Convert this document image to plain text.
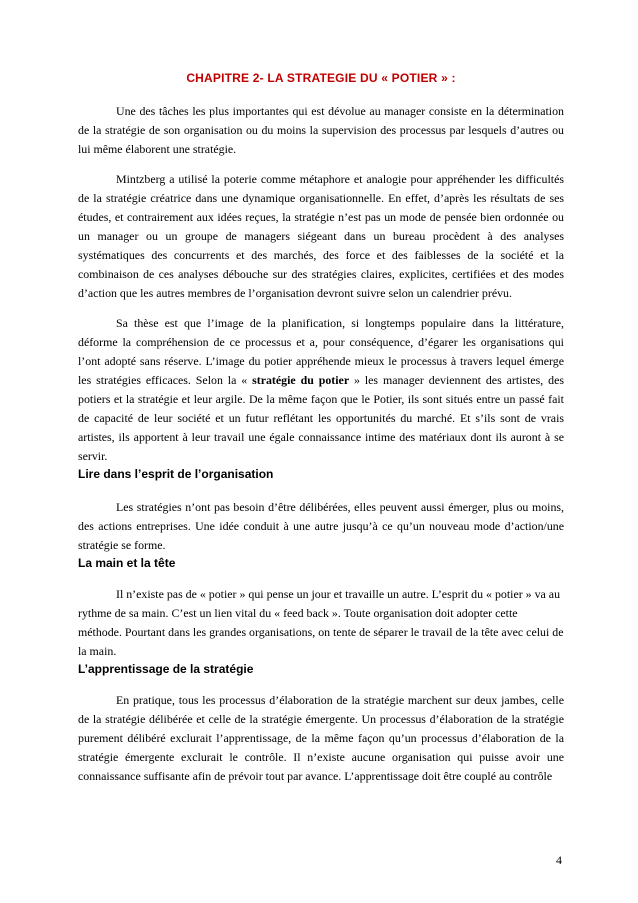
CHAPITRE 2- LA STRATEGIE DU « POTIER » :

Une des tâches les plus importantes qui est dévolue au manager consiste en la détermination de la stratégie de son organisation ou du moins la supervision des processus par lesquels d’autres ou lui même élaborent une stratégie.

Mintzberg a utilisé la poterie comme métaphore et analogie pour appréhender les difficultés de la stratégie créatrice dans une dynamique organisationnelle. En effet, d’après les résultats de ses études, et contrairement aux idées reçues, la stratégie n’est pas un mode de pensée bien ordonnée ou un manager ou un groupe de managers siégeant dans un bureau procèdent à des analyses systématiques des concurrents et des marchés, des force et des faiblesses de la société et la combinaison de ces analyses débouche sur des stratégies claires, explicites, certifiées et des modes d’action que les autres membres de l’organisation devront suivre selon un calendrier prévu.

Sa thèse est que l’image de la planification, si longtemps populaire dans la littérature, déforme la compréhension de ce processus et a, pour conséquence, d’égarer les organisations qui l’ont adopté sans réserve. L’image du potier appréhende mieux le processus à travers lequel émerge les stratégies efficaces. Selon la « stratégie du potier » les manager deviennent des artistes, des potiers et la stratégie et leur argile. De la même façon que le Potier, ils sont situés entre un passé fait de capacité de leur société et un futur reflétant les opportunités du marché. Et s’ils sont de vrais artistes, ils apportent à leur travail une égale connaissance intime des matériaux dont ils auront à se servir.

Lire dans l’esprit de l’organisation

Les stratégies n’ont pas besoin d’être délibérées, elles peuvent aussi émerger, plus ou moins, des actions entreprises. Une idée conduit à une autre jusqu’à ce qu’un nouveau mode d’action/une stratégie se forme.

La main et la tête

Il n’existe pas de « potier » qui pense un jour et travaille un autre. L’esprit du « potier » va au rythme de sa main. C’est un lien vital du « feed back ». Toute organisation doit adopter cette méthode. Pourtant dans les grandes organisations, on tente de séparer le travail de la tête avec celui de la main.

L’apprentissage de la stratégie

En pratique, tous les processus d’élaboration de la stratégie marchent sur deux jambes, celle de la stratégie délibérée et celle de la stratégie émergente. Un processus d’élaboration de la stratégie purement délibéré exclurait l’apprentissage, de la même façon qu’un processus d’élaboration de la stratégie émergente exclurait le contrôle. Il n’existe aucune organisation qui puisse avoir une connaissance suffisante afin de prévoir tout par avance. L’apprentissage doit être couplé au contrôle

4
